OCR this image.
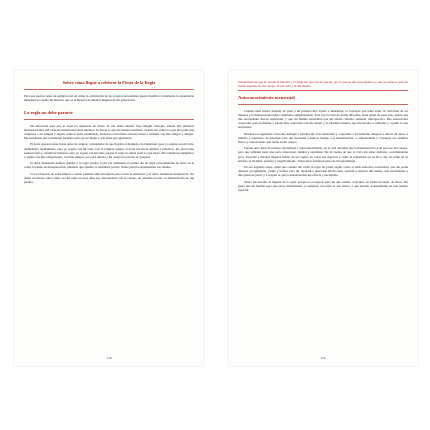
Sobre cómo llegué a celebrar la Fiesta de la Regla

Para que puedas tener un ejemplo real de cómo la celebración de los propios necesidades puede modificar totalmente la experiencia menstrual te cuento mi historia, que es la historia de muchas mujeres de mi generación.

La regla no debe pararte

Mi educación para que la regla no supusiera un freno: no me debía detener bajo ningún concepto. Desde mis primeras menstruaciones sufrí dolores menstruales muy intensos. Yo hacía lo que me habían enseñado: cuando me venía la regla me ponía una compresa o un tampón y seguía como si nada, estudiando, haciendo actividades extraescolares y saliendo con mis amigos y amigas. Me enseñaron que el malestar formaba parte de ser mujer y que tenía que aguantarlo.

El dolor aparecía unas horas antes de sangrar, avisándome de que llegaba el momento de menstruar, pero yo seguía con mi vida. Aumentaba rápidamente, pero yo seguía con mi vida. Con la primera sangre, el dolor me hacía temblar y palidecer, me provocaba sudores fríos y calambres intensos, pero yo seguía con mi vida, porque la regla no debía parar lo que hacía. Me tomaba un analgésico y seguía con mis obligaciones, con mis amigos, por pura inercia y mi cuerpo no paraba de quejarse.

El dolor menstrual siempre ganaba y la regla paraba. Cada vez terminaba el primer día de regla retorciéndome de dolor en la cama, llorando de desesperación, pidiendo que aquello se terminara pronto. Nadie parecía experimentar eso mismo.

Con la mayoría de edad empecé a tomar pastillas anticonceptivas para evitar el embarazo y el dolor menstrual desapareció. No tengo recuerdos sobre cómo era mi regla en esos años por desconexión con el cuerpo, no pensaba en ello, la menstruación no me paraba.

118

tranquilidad de que no perdía la función y el sangrado que era de esperar, por lo que no me preocupaba. Lo que no sabía es que me estaba alejando de mi cuerpo, de mi ciclo y de mí misma.

Autoconocimiento menstrual

Cuando unos meses después de parir a mi primera hija volvió a menstruar, el concepto que tenía sobre la ciclicidad de las mujeres y la menstruación había cambiado completamente. Esta vez la vivía de forma diferente, tenía ganas de estar sola, quería que mis necesidades fueran respetadas, y que mi familia entendiera que me sentía cansada, sensible, introspectiva. Mis sensaciones corporales eran profundas y estaba más conectada con mi cuerpo y la sabiduría interior que me llevaba a cuidarme y a pedir lo que necesitaba.

Durante los siguientes ciclos me dediqué a estudiar mi ciclo menstrual y a aprender a escucharme. Empecé a mover mi útero, a sentirlo y respirarlo. Al principio tuve que forzarme a dedicar tiempo a la menstruación, a comprenderla y a integrar los cambios físicos y emocionales que sentía en mi cuerpo.

Fueron unos años de intenso aprendizaje y autoconocimiento, en el cual descubrí que la menstruación es un proceso del cuerpo, pero que también tiene una parte emocional, mental y espiritual. Me di cuenta de que la vivía sin saber disfrutar, escuchándome poco. Escuché a muchas mujeres hablar de sus reglas, en todos sus aspectos y cómo la transmiten en su día a día, de cómo en su entorno se incluían, positiva y negativamente. Todas éstas formaron parte de mi aprendizaje.

En ese segundo etapa, sabía que cuando me venía la regla no podía seguir como si nada estuviera ocurriendo, que me pedía quietud, recogimiento, calma y tiempo para mí. Aprendí a quererme mucho más, aprendí a respetar mis ritmos, mis necesidades y mis ganas de parar, y a aceptar lo que la menstruación me ofrecía y necesitaba.

Ahora me encanto la llegada de la regla, porque es el espacio para mí que celebro cada mes, en forma de ritual, de fiesta. Me gusta que mi familia sepa que estoy menstruando y compartir con ellos lo que siento, y que puedan acompañarme en este tiempo especial.

119
